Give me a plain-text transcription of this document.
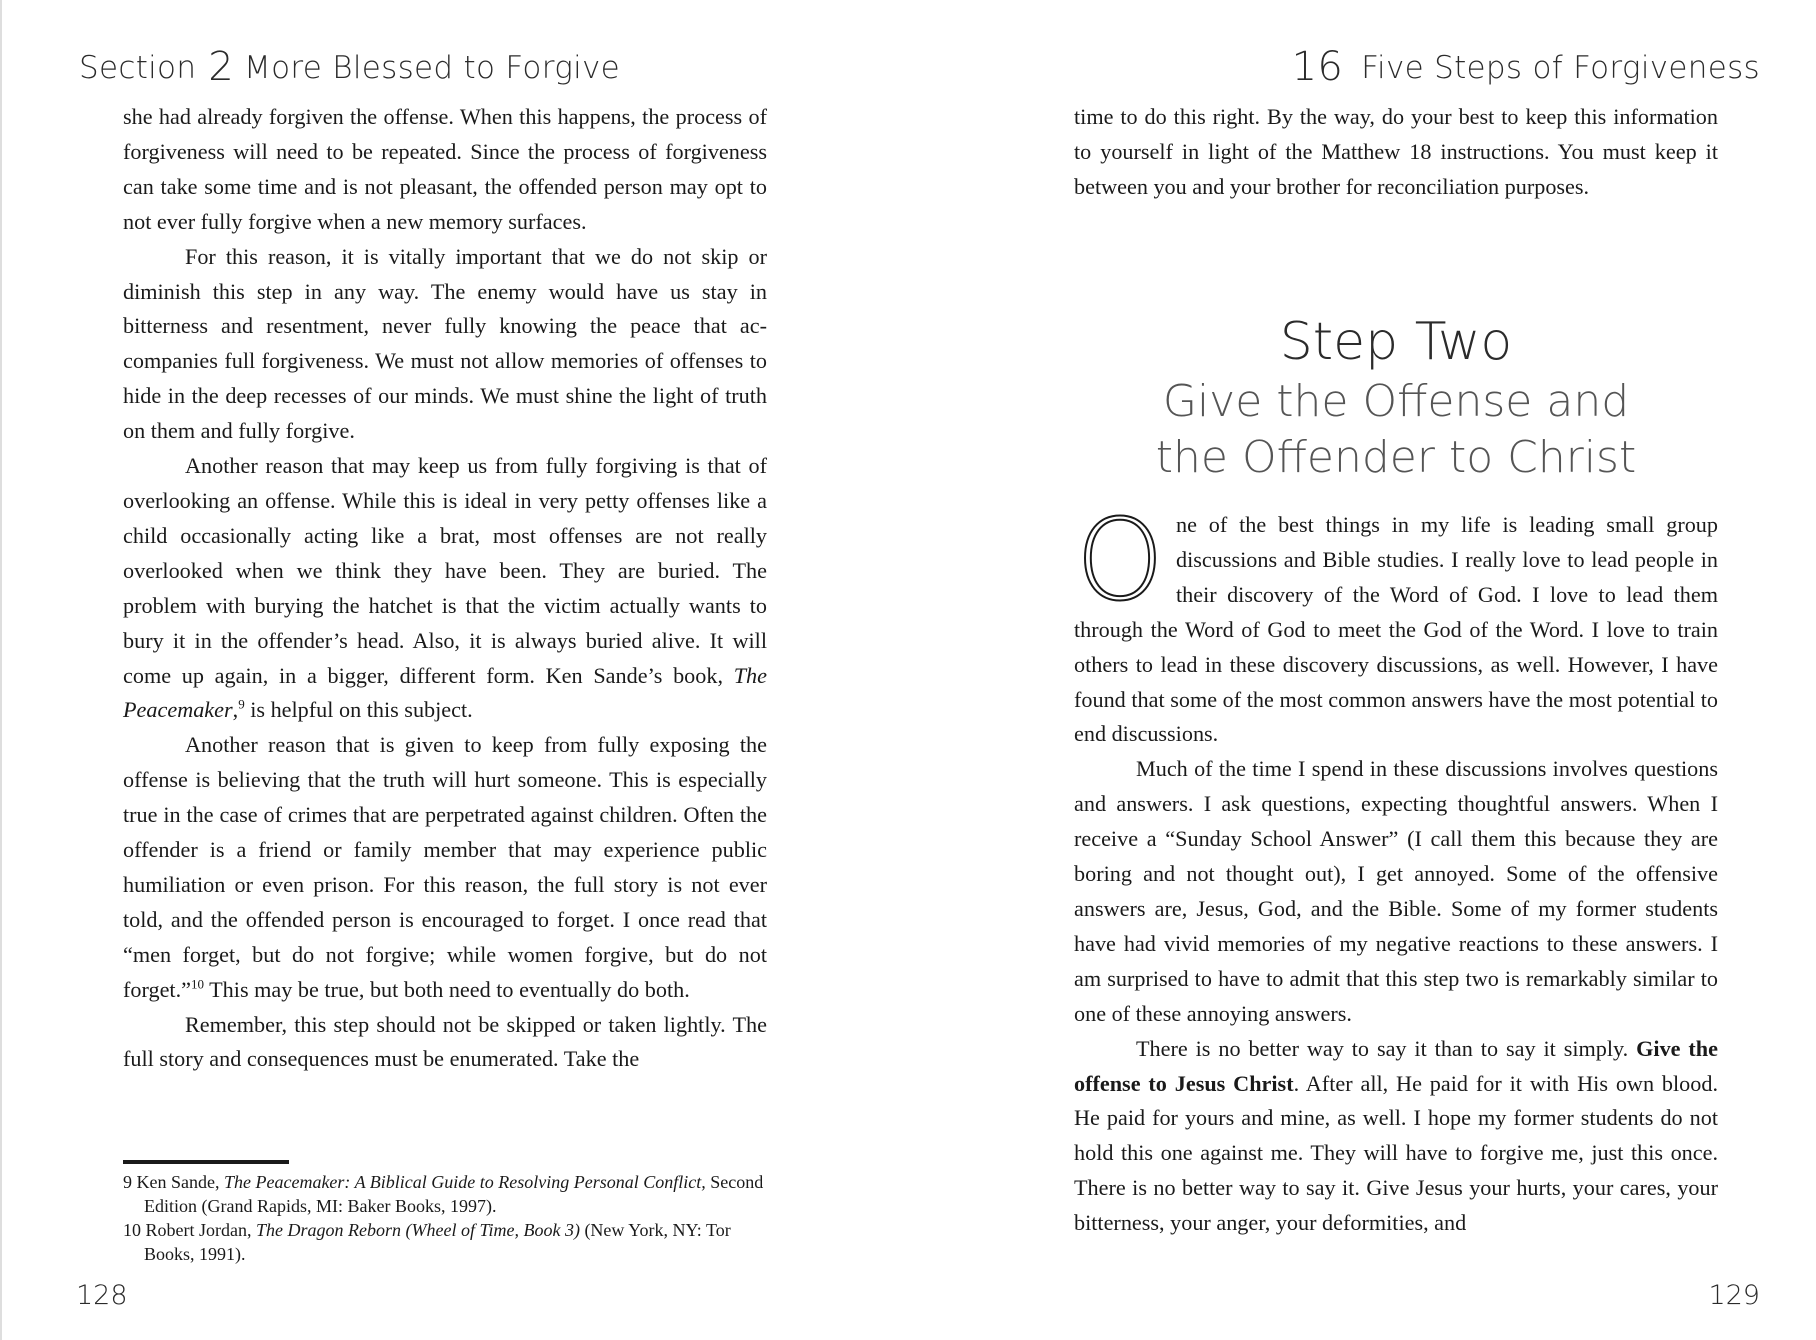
Section 2 More Blessed to Forgive

she had already forgiven the offense. When this happens, the process of forgiveness will need to be repeated. Since the process of forgiveness can take some time and is not pleasant, the offended person may opt to not ever fully forgive when a new memory surfaces.

For this reason, it is vitally important that we do not skip or diminish this step in any way. The enemy would have us stay in bitterness and resentment, never fully knowing the peace that accompanies full forgiveness. We must not allow memories of offenses to hide in the deep recesses of our minds. We must shine the light of truth on them and fully forgive.

Another reason that may keep us from fully forgiving is that of overlooking an offense. While this is ideal in very petty offenses like a child occasionally acting like a brat, most offenses are not really overlooked when we think they have been. They are buried. The problem with burying the hatchet is that the victim actually wants to bury it in the offender’s head. Also, it is always buried alive. It will come up again, in a bigger, different form. Ken Sande’s book, The Peacemaker,$^9$ is helpful on this subject.

Another reason that is given to keep from fully exposing the offense is believing that the truth will hurt someone. This is especially true in the case of crimes that are perpetrated against children. Often the offender is a friend or family member that may experience public humiliation or even prison. For this reason, the full story is not ever told, and the offended person is encouraged to forget. I once read that “men forget, but do not forgive; while women forgive, but do not forget.”$^{10}$ This may be true, but both need to eventually do both.

Remember, this step should not be skipped or taken lightly. The full story and consequences must be enumerated. Take the

9 Ken Sande, The Peacemaker: A Biblical Guide to Resolving Personal Conflict, Second Edition (Grand Rapids, MI: Baker Books, 1997).
10 Robert Jordan, The Dragon Reborn (Wheel of Time, Book 3) (New York, NY: Tor Books, 1991).
128
16 Five Steps of Forgiveness

time to do this right. By the way, do your best to keep this information to yourself in light of the Matthew 18 instructions. You must keep it between you and your brother for reconciliation purposes.

Step Two
Give the Offense and
the Offender to Christ

One of the best things in my life is leading small group discussions and Bible studies. I really love to lead people in their discovery of the Word of God. I love to lead them through the Word of God to meet the God of the Word. I love to train others to lead in these discovery discussions, as well. However, I have found that some of the most common answers have the most potential to end discussions.

Much of the time I spend in these discussions involves questions and answers. I ask questions, expecting thoughtful answers. When I receive a “Sunday School Answer” (I call them this because they are boring and not thought out), I get annoyed. Some of the offensive answers are, Jesus, God, and the Bible. Some of my former students have had vivid memories of my negative reactions to these answers. I am surprised to have to admit that this step two is remarkably similar to one of these annoying answers.

There is no better way to say it than to say it simply. Give the offense to Jesus Christ. After all, He paid for it with His own blood. He paid for yours and mine, as well. I hope my former students do not hold this one against me. They will have to forgive me, just this once. There is no better way to say it. Give Jesus your hurts, your cares, your bitterness, your anger, your deformities, and

129
